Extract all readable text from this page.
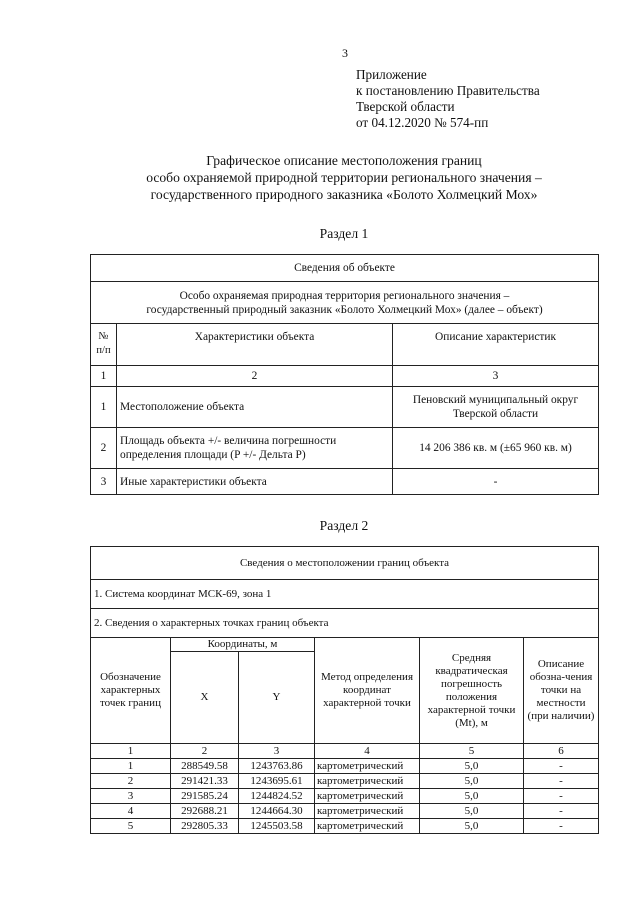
3
Приложение
к постановлению Правительства
Тверской области
от 04.12.2020 № 574-пп
Графическое описание местоположения границ
особо охраняемой природной территории регионального значения –
государственного природного заказника «Болото Холмецкий Мох»
Раздел 1
Сведения об объекте		

Особо охраняемая природная территория регионального значения –
государственный природный заказник «Болото Холмецкий Мох» (далее – объект)		

№ п/п	Характеристики объекта	Описание характеристик
1	2	3
1	Местоположение объекта	Пеновский муниципальный округ Тверской области
2	Площадь объекта +/- величина погрешности определения площади (P +/- Дельта P)	14 206 386 кв. м (±65 960 кв. м)
3	Иные характеристики объекта	-
Раздел 2
Сведения о местоположении границ объекта					
1. Система координат МСК-69, зона 1					
2. Сведения о характерных точках границ объекта					
Обозначение характерных точек границ	Координаты, м		Метод определения координат характерной точки	Средняя квадратическая погрешность положения характерной точки (Mt), м	Описание обозна-чения точки на местности (при наличии)
	X	Y			
1	2	3	4	5	6
1	288549.58	1243763.86	картометрический	5,0	-
2	291421.33	1243695.61	картометрический	5,0	-
3	291585.24	1244824.52	картометрический	5,0	-
4	292688.21	1244664.30	картометрический	5,0	-
5	292805.33	1245503.58	картометрический	5,0	-
